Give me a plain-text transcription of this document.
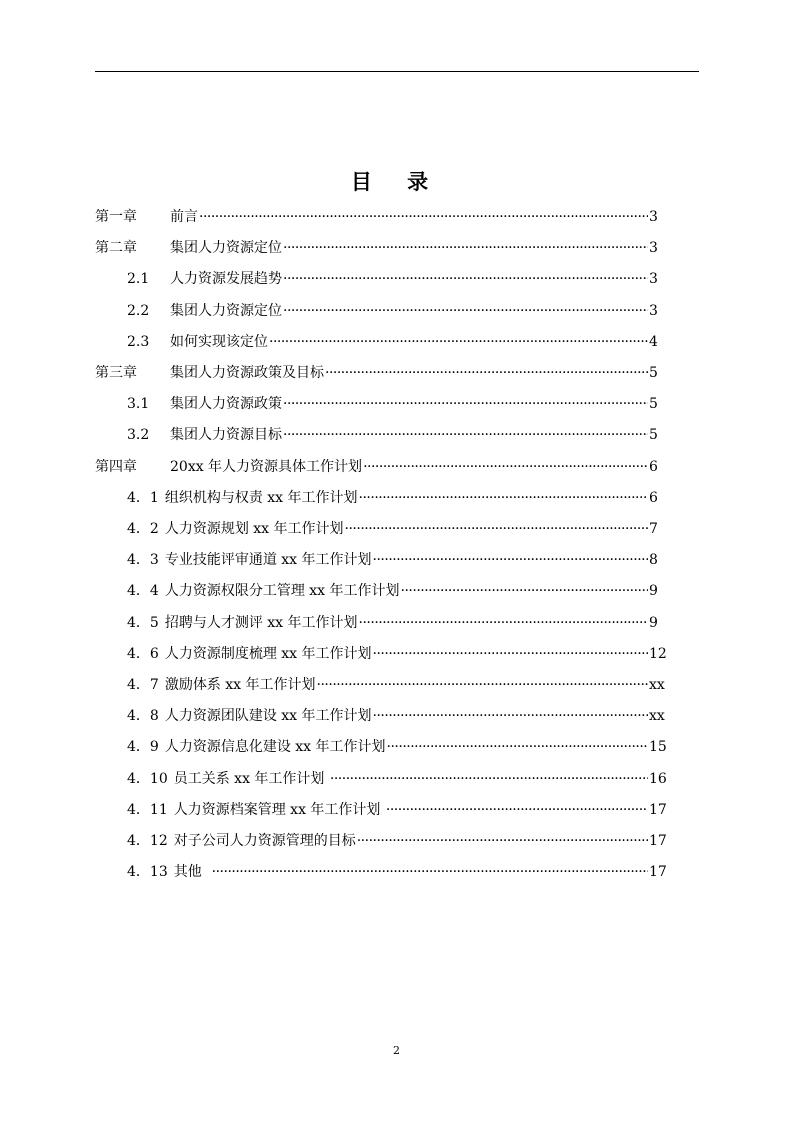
目 录
第一章	前言 ·····	3
第二章	集团人力资源定位 ·····	3
2.1	人力资源发展趋势 ·····	3
2.2	集团人力资源定位 ·····	3
2.3	如何实现该定位 ·····	4
第三章	集团人力资源政策及目标 ·····	5
3.1	集团人力资源政策 ·····	5
3.2	集团人力资源目标 ·····	5
第四章	20xx 年人力资源具体工作计划 ·····	6
4．1 组织机构与权责 xx 年工作计划 ·····	6
4．2 人力资源规划 xx 年工作计划 ·····	7
4．3 专业技能评审通道 xx 年工作计划 ·····	8
4．4 人力资源权限分工管理 xx 年工作计划 ·····	9
4．5 招聘与人才测评 xx 年工作计划 ·····	9
4．6 人力资源制度梳理 xx 年工作计划 ·····	12
4．7 激励体系 xx 年工作计划 ·····	xx
4．8 人力资源团队建设 xx 年工作计划 ·····	xx
4．9 人力资源信息化建设 xx 年工作计划 ·····	15
4．10 员工关系 xx 年工作计划 ·····	16
4．11 人力资源档案管理 xx 年工作计划 ·····	17
4．12 对子公司人力资源管理的目标 ·····	17
4．13 其他 ·····	17
2
